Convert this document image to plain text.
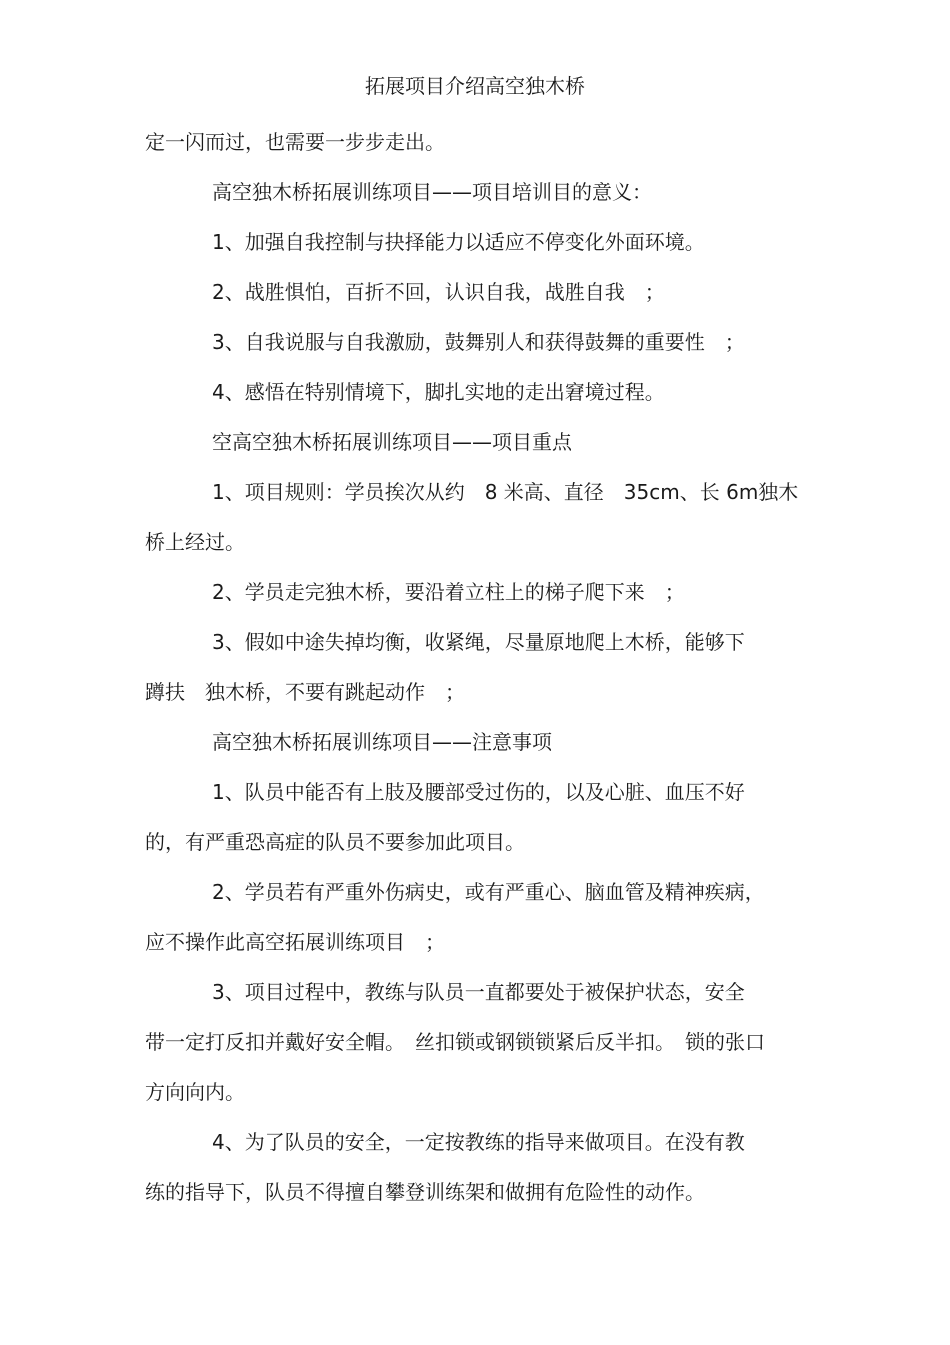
拓展项目介绍高空独木桥
定一闪而过，也需要一步步走出。
高空独木桥拓展训练项目——项目培训目的意义：
1、加强自我控制与抉择能力以适应不停变化外面环境。
2、战胜惧怕，百折不回，认识自我，战胜自我　；
3、自我说服与自我激励，鼓舞别人和获得鼓舞的重要性　；
4、感悟在特别情境下，脚扎实地的走出窘境过程。
空高空独木桥拓展训练项目——项目重点
1、项目规则：学员挨次从约　8 米高、直径　35cm、长 6m独木
桥上经过。
2、学员走完独木桥，要沿着立柱上的梯子爬下来　；
3、假如中途失掉均衡，收紧绳，尽量原地爬上木桥，能够下
蹲扶　独木桥，不要有跳起动作　；
高空独木桥拓展训练项目——注意事项
1、队员中能否有上肢及腰部受过伤的，以及心脏、血压不好
的，有严重恐高症的队员不要参加此项目。
2、学员若有严重外伤病史，或有严重心、脑血管及精神疾病，
应不操作此高空拓展训练项目　；
3、项目过程中，教练与队员一直都要处于被保护状态，安全
带一定打反扣并戴好安全帽。　丝扣锁或钢锁锁紧后反半扣。　锁的张口
方向向内。
4、为了队员的安全，一定按教练的指导来做项目。在没有教
练的指导下，队员不得擅自攀登训练架和做拥有危险性的动作。
